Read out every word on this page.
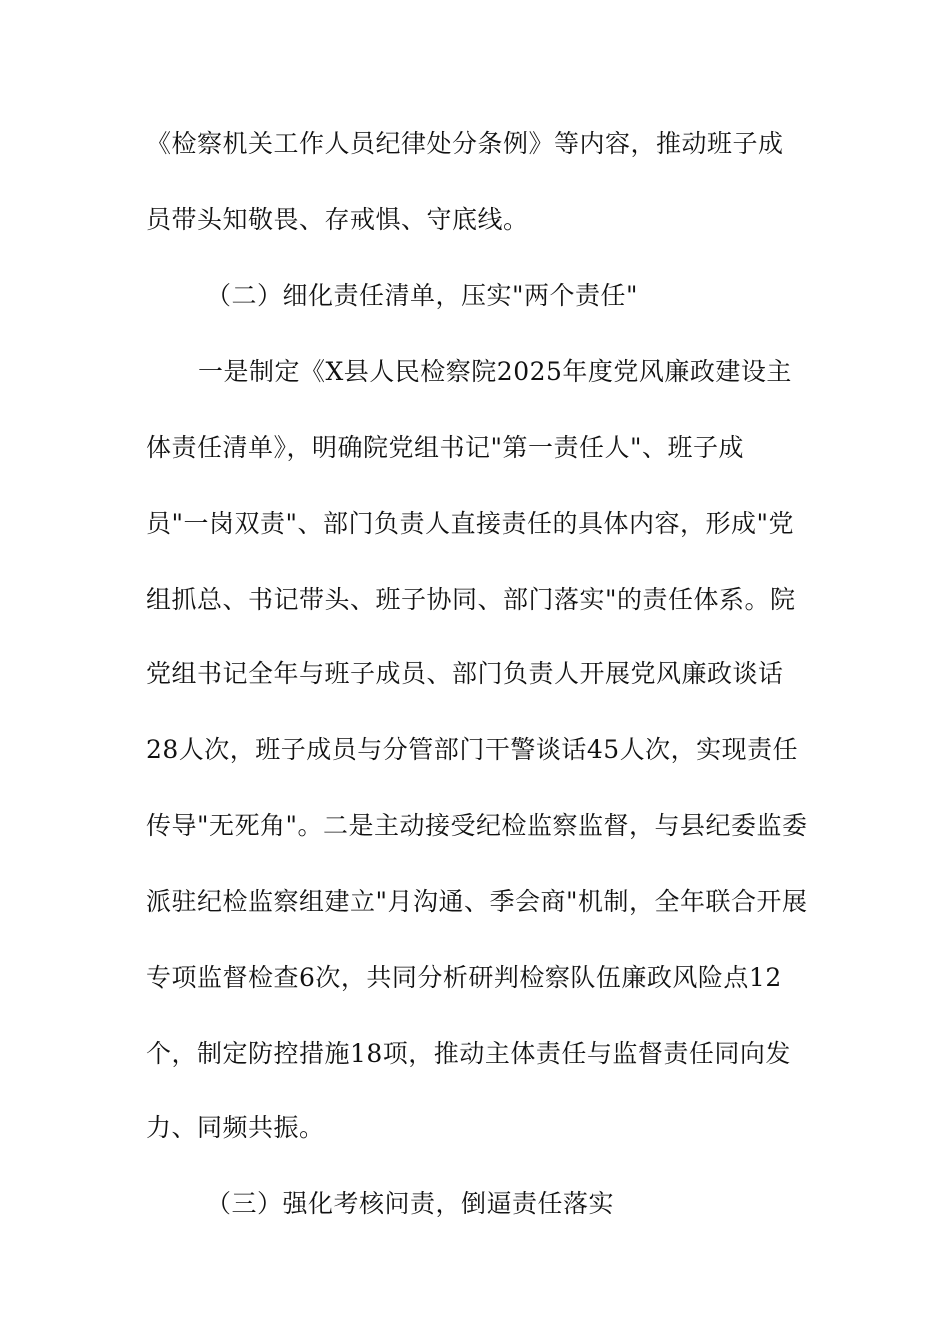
《检察机关工作人员纪律处分条例》等内容，推动班子成
员带头知敬畏、存戒惧、守底线。
（二）细化责任清单，压实"两个责任"
一是制定《X县人民检察院2025年度党风廉政建设主
体责任清单》，明确院党组书记"第一责任人"、班子成
员"一岗双责"、部门负责人直接责任的具体内容，形成"党
组抓总、书记带头、班子协同、部门落实"的责任体系。院
党组书记全年与班子成员、部门负责人开展党风廉政谈话
28人次，班子成员与分管部门干警谈话45人次，实现责任
传导"无死角"。二是主动接受纪检监察监督，与县纪委监委
派驻纪检监察组建立"月沟通、季会商"机制，全年联合开展
专项监督检查6次，共同分析研判检察队伍廉政风险点12
个，制定防控措施18项，推动主体责任与监督责任同向发
力、同频共振。
（三）强化考核问责，倒逼责任落实
